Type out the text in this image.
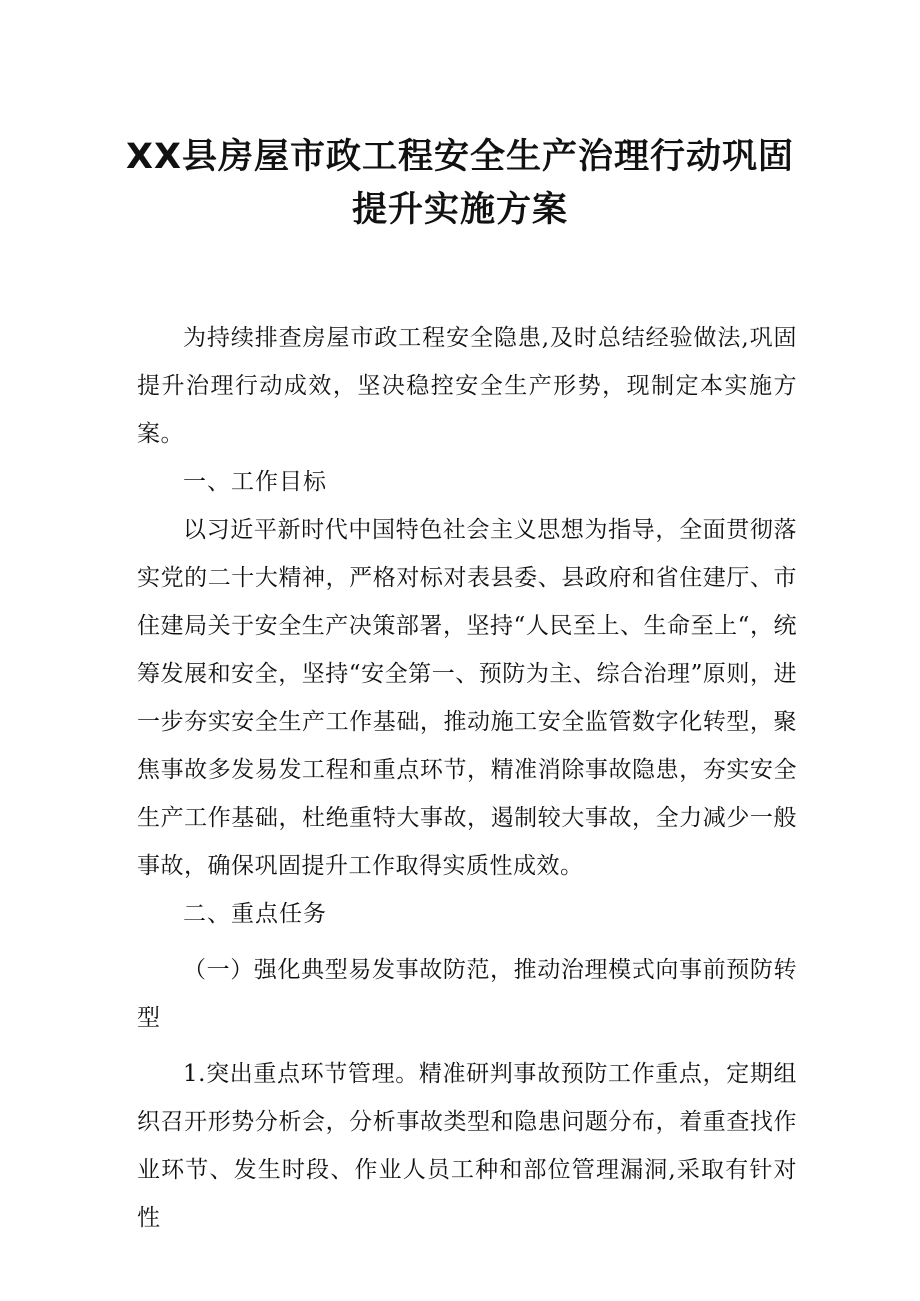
XX县房屋市政工程安全生产治理行动巩固
提升实施方案

为持续排查房屋市政工程安全隐患,及时总结经验做法,巩固提升治理行动成效，坚决稳控安全生产形势，现制定本实施方案。

一、工作目标

以习近平新时代中国特色社会主义思想为指导，全面贯彻落实党的二十大精神，严格对标对表县委、县政府和省住建厅、市住建局关于安全生产决策部署，坚持“人民至上、生命至上“，统筹发展和安全，坚持“安全第一、预防为主、综合治理”原则，进一步夯实安全生产工作基础，推动施工安全监管数字化转型，聚焦事故多发易发工程和重点环节，精准消除事故隐患，夯实安全生产工作基础，杜绝重特大事故，遏制较大事故，全力减少一般事故，确保巩固提升工作取得实质性成效。

二、重点任务

（一）强化典型易发事故防范，推动治理模式向事前预防转型

1.突出重点环节管理。精准研判事故预防工作重点，定期组织召开形势分析会，分析事故类型和隐患问题分布，着重查找作业环节、发生时段、作业人员工种和部位管理漏洞,采取有针对性
